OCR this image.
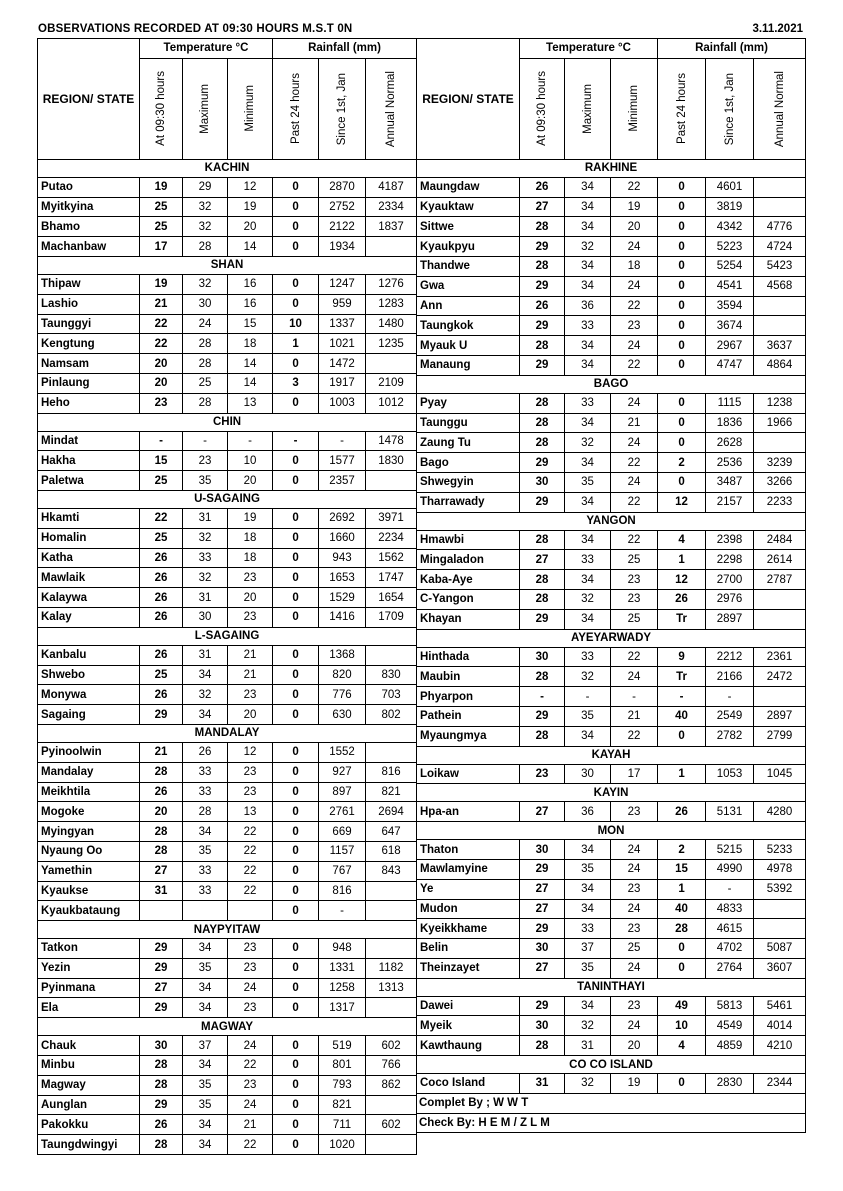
OBSERVATIONS RECORDED AT 09:30 HOURS M.S.T 0N	3.11.2021
REGION/ STATE	Temperature °C			Rainfall (mm)		

	At 09:30 hours	Maximum	Minimum	Past 24 hours	Since 1st, Jan	Annual Normal

KACHIN						
Putao	19	29	12	0	2870	4187
Myitkyina	25	32	19	0	2752	2334
Bhamo	25	32	20	0	2122	1837
Machanbaw	17	28	14	0	1934	
SHAN						
Thipaw	19	32	16	0	1247	1276
Lashio	21	30	16	0	959	1283
Taunggyi	22	24	15	10	1337	1480
Kengtung	22	28	18	1	1021	1235
Namsam	20	28	14	0	1472	
Pinlaung	20	25	14	3	1917	2109
Heho	23	28	13	0	1003	1012
CHIN						
Mindat	-	-	-	-	-	1478
Hakha	15	23	10	0	1577	1830
Paletwa	25	35	20	0	2357	
U-SAGAING						
Hkamti	22	31	19	0	2692	3971
Homalin	25	32	18	0	1660	2234
Katha	26	33	18	0	943	1562
Mawlaik	26	32	23	0	1653	1747
Kalaywa	26	31	20	0	1529	1654
Kalay	26	30	23	0	1416	1709
L-SAGAING						
Kanbalu	26	31	21	0	1368	
Shwebo	25	34	21	0	820	830
Monywa	26	32	23	0	776	703
Sagaing	29	34	20	0	630	802
MANDALAY						
Pyinoolwin	21	26	12	0	1552	
Mandalay	28	33	23	0	927	816
Meikhtila	26	33	23	0	897	821
Mogoke	20	28	13	0	2761	2694
Myingyan	28	34	22	0	669	647
Nyaung Oo	28	35	22	0	1157	618
Yamethin	27	33	22	0	767	843
Kyaukse	31	33	22	0	816	
Kyaukbataung				0	-	
NAYPYITAW						
Tatkon	29	34	23	0	948	
Yezin	29	35	23	0	1331	1182
Pyinmana	27	34	24	0	1258	1313
Ela	29	34	23	0	1317	
MAGWAY						
Chauk	30	37	24	0	519	602
Minbu	28	34	22	0	801	766
Magway	28	35	23	0	793	862
Aunglan	29	35	24	0	821	
Pakokku	26	34	21	0	711	602
Taungdwingyi	28	34	22	0	1020	
REGION/ STATE	Temperature °C			Rainfall (mm)		

	At 09:30 hours	Maximum	Minimum	Past 24 hours	Since 1st, Jan	Annual Normal

RAKHINE						
Maungdaw	26	34	22	0	4601	
Kyauktaw	27	34	19	0	3819	
Sittwe	28	34	20	0	4342	4776
Kyaukpyu	29	32	24	0	5223	4724
Thandwe	28	34	18	0	5254	5423
Gwa	29	34	24	0	4541	4568
Ann	26	36	22	0	3594	
Taungkok	29	33	23	0	3674	
Myauk U	28	34	24	0	2967	3637
Manaung	29	34	22	0	4747	4864
BAGO						
Pyay	28	33	24	0	1115	1238
Taunggu	28	34	21	0	1836	1966
Zaung Tu	28	32	24	0	2628	
Bago	29	34	22	2	2536	3239
Shwegyin	30	35	24	0	3487	3266
Tharrawady	29	34	22	12	2157	2233
YANGON						
Hmawbi	28	34	22	4	2398	2484
Mingaladon	27	33	25	1	2298	2614
Kaba-Aye	28	34	23	12	2700	2787
C-Yangon	28	32	23	26	2976	
Khayan	29	34	25	Tr	2897	
AYEYARWADY						
Hinthada	30	33	22	9	2212	2361
Maubin	28	32	24	Tr	2166	2472
Phyarpon	-	-	-	-	-	
Pathein	29	35	21	40	2549	2897
Myaungmya	28	34	22	0	2782	2799
KAYAH						
Loikaw	23	30	17	1	1053	1045
KAYIN						
Hpa-an	27	36	23	26	5131	4280
MON						
Thaton	30	34	24	2	5215	5233
Mawlamyine	29	35	24	15	4990	4978
Ye	27	34	23	1	-	5392
Mudon	27	34	24	40	4833	
Kyeikkhame	29	33	23	28	4615	
Belin	30	37	25	0	4702	5087
Theinzayet	27	35	24	0	2764	3607
TANINTHAYI						
Dawei	29	34	23	49	5813	5461
Myeik	30	32	24	10	4549	4014
Kawthaung	28	31	20	4	4859	4210
CO CO ISLAND						
Coco Island	31	32	19	0	2830	2344
Complet By ; W W T						
Check By: H E M / Z L M						
